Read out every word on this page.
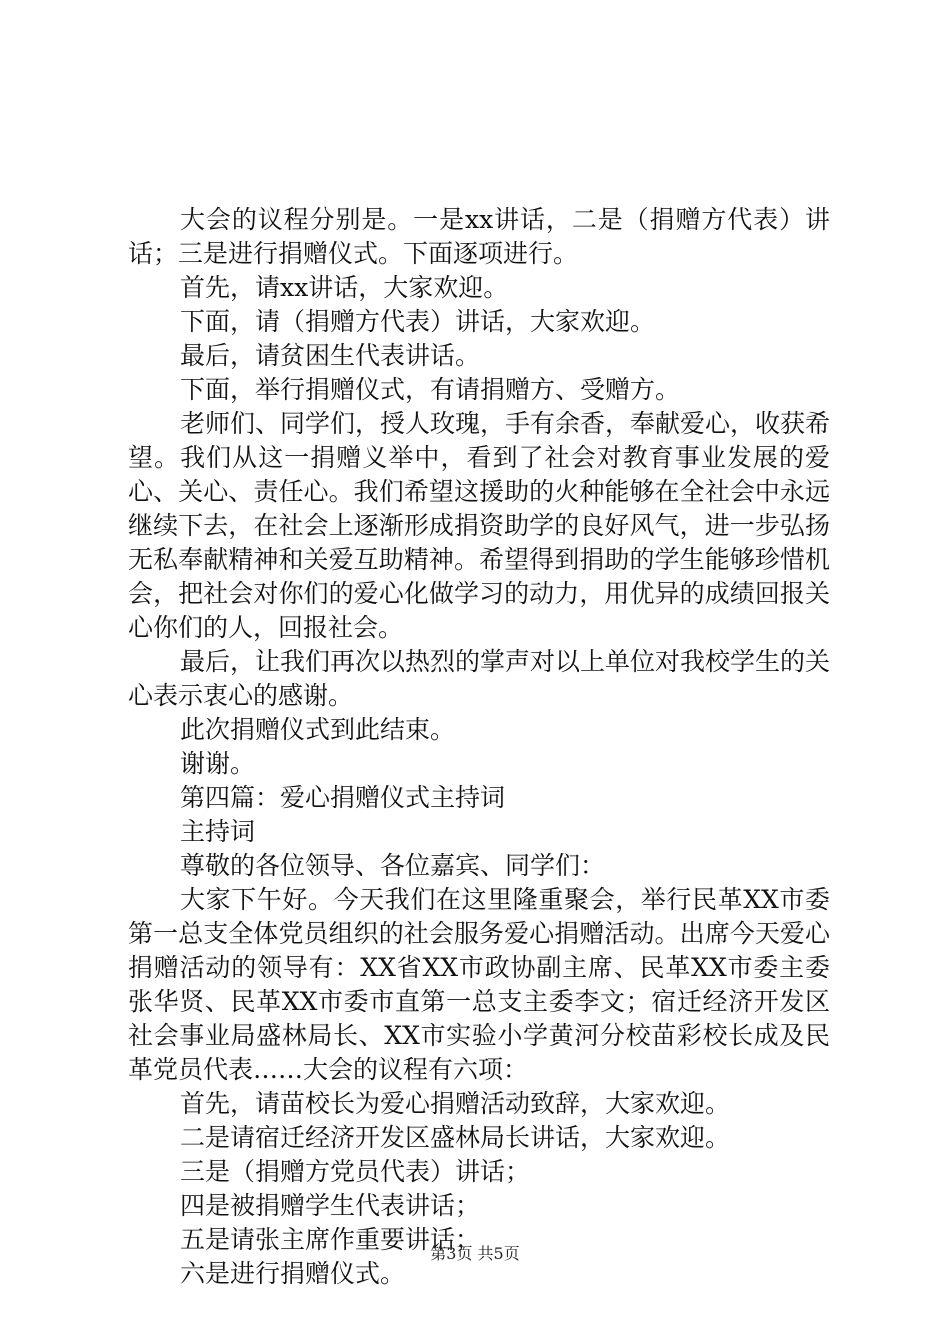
大会的议程分别是。一是xx讲话，二是（捐赠方代表）讲话；三是进行捐赠仪式。下面逐项进行。

首先，请xx讲话，大家欢迎。

下面，请（捐赠方代表）讲话，大家欢迎。

最后，请贫困生代表讲话。

下面，举行捐赠仪式，有请捐赠方、受赠方。

老师们、同学们，授人玫瑰，手有余香，奉献爱心，收获希望。我们从这一捐赠义举中，看到了社会对教育事业发展的爱心、关心、责任心。我们希望这援助的火种能够在全社会中永远继续下去，在社会上逐渐形成捐资助学的良好风气，进一步弘扬无私奉献精神和关爱互助精神。希望得到捐助的学生能够珍惜机会，把社会对你们的爱心化做学习的动力，用优异的成绩回报关心你们的人，回报社会。

最后，让我们再次以热烈的掌声对以上单位对我校学生的关心表示衷心的感谢。

此次捐赠仪式到此结束。

谢谢。

第四篇：爱心捐赠仪式主持词

主持词

尊敬的各位领导、各位嘉宾、同学们：

大家下午好。今天我们在这里隆重聚会，举行民革XX市委第一总支全体党员组织的社会服务爱心捐赠活动。出席今天爱心捐赠活动的领导有：XX省XX市政协副主席、民革XX市委主委张华贤、民革XX市委市直第一总支主委李文；宿迁经济开发区社会事业局盛林局长、XX市实验小学黄河分校苗彩校长成及民革党员代表……大会的议程有六项：

首先，请苗校长为爱心捐赠活动致辞，大家欢迎。

二是请宿迁经济开发区盛林局长讲话，大家欢迎。

三是（捐赠方党员代表）讲话；

四是被捐赠学生代表讲话；

五是请张主席作重要讲话；

六是进行捐赠仪式。

第3页 共5页
